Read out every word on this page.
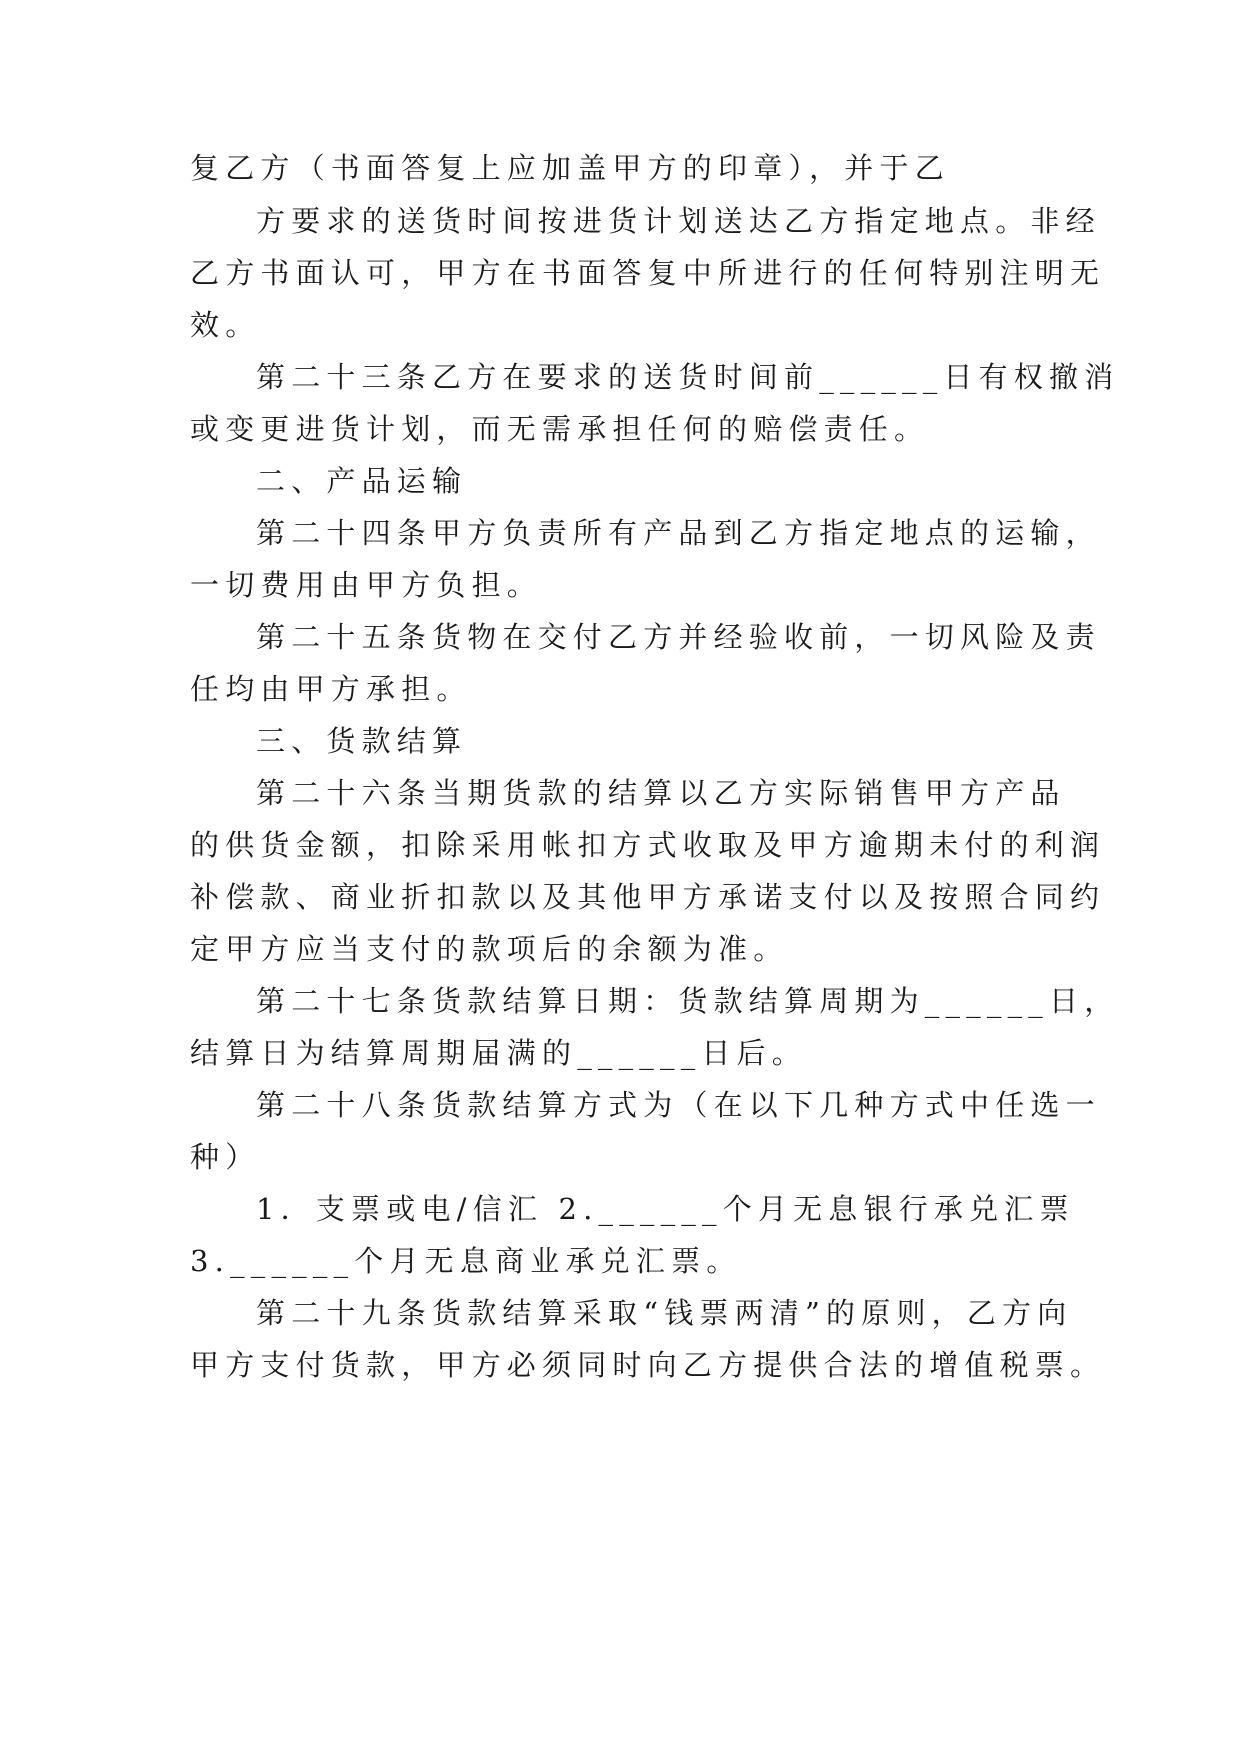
复乙方（书面答复上应加盖甲方的印章），并于乙
方要求的送货时间按进货计划送达乙方指定地点。非经
乙方书面认可，甲方在书面答复中所进行的任何特别注明无
效。
第二十三条乙方在要求的送货时间前______日有权撤消
或变更进货计划，而无需承担任何的赔偿责任。
二、产品运输
第二十四条甲方负责所有产品到乙方指定地点的运输，
一切费用由甲方负担。
第二十五条货物在交付乙方并经验收前，一切风险及责
任均由甲方承担。
三、货款结算
第二十六条当期货款的结算以乙方实际销售甲方产品
的供货金额，扣除采用帐扣方式收取及甲方逾期未付的利润
补偿款、商业折扣款以及其他甲方承诺支付以及按照合同约
定甲方应当支付的款项后的余额为准。
第二十七条货款结算日期：货款结算周期为______日，
结算日为结算周期届满的______日后。
第二十八条货款结算方式为（在以下几种方式中任选一
种）
1．支票或电/信汇 2.______个月无息银行承兑汇票
3.______个月无息商业承兑汇票。
第二十九条货款结算采取“钱票两清”的原则，乙方向
甲方支付货款，甲方必须同时向乙方提供合法的增值税票。
